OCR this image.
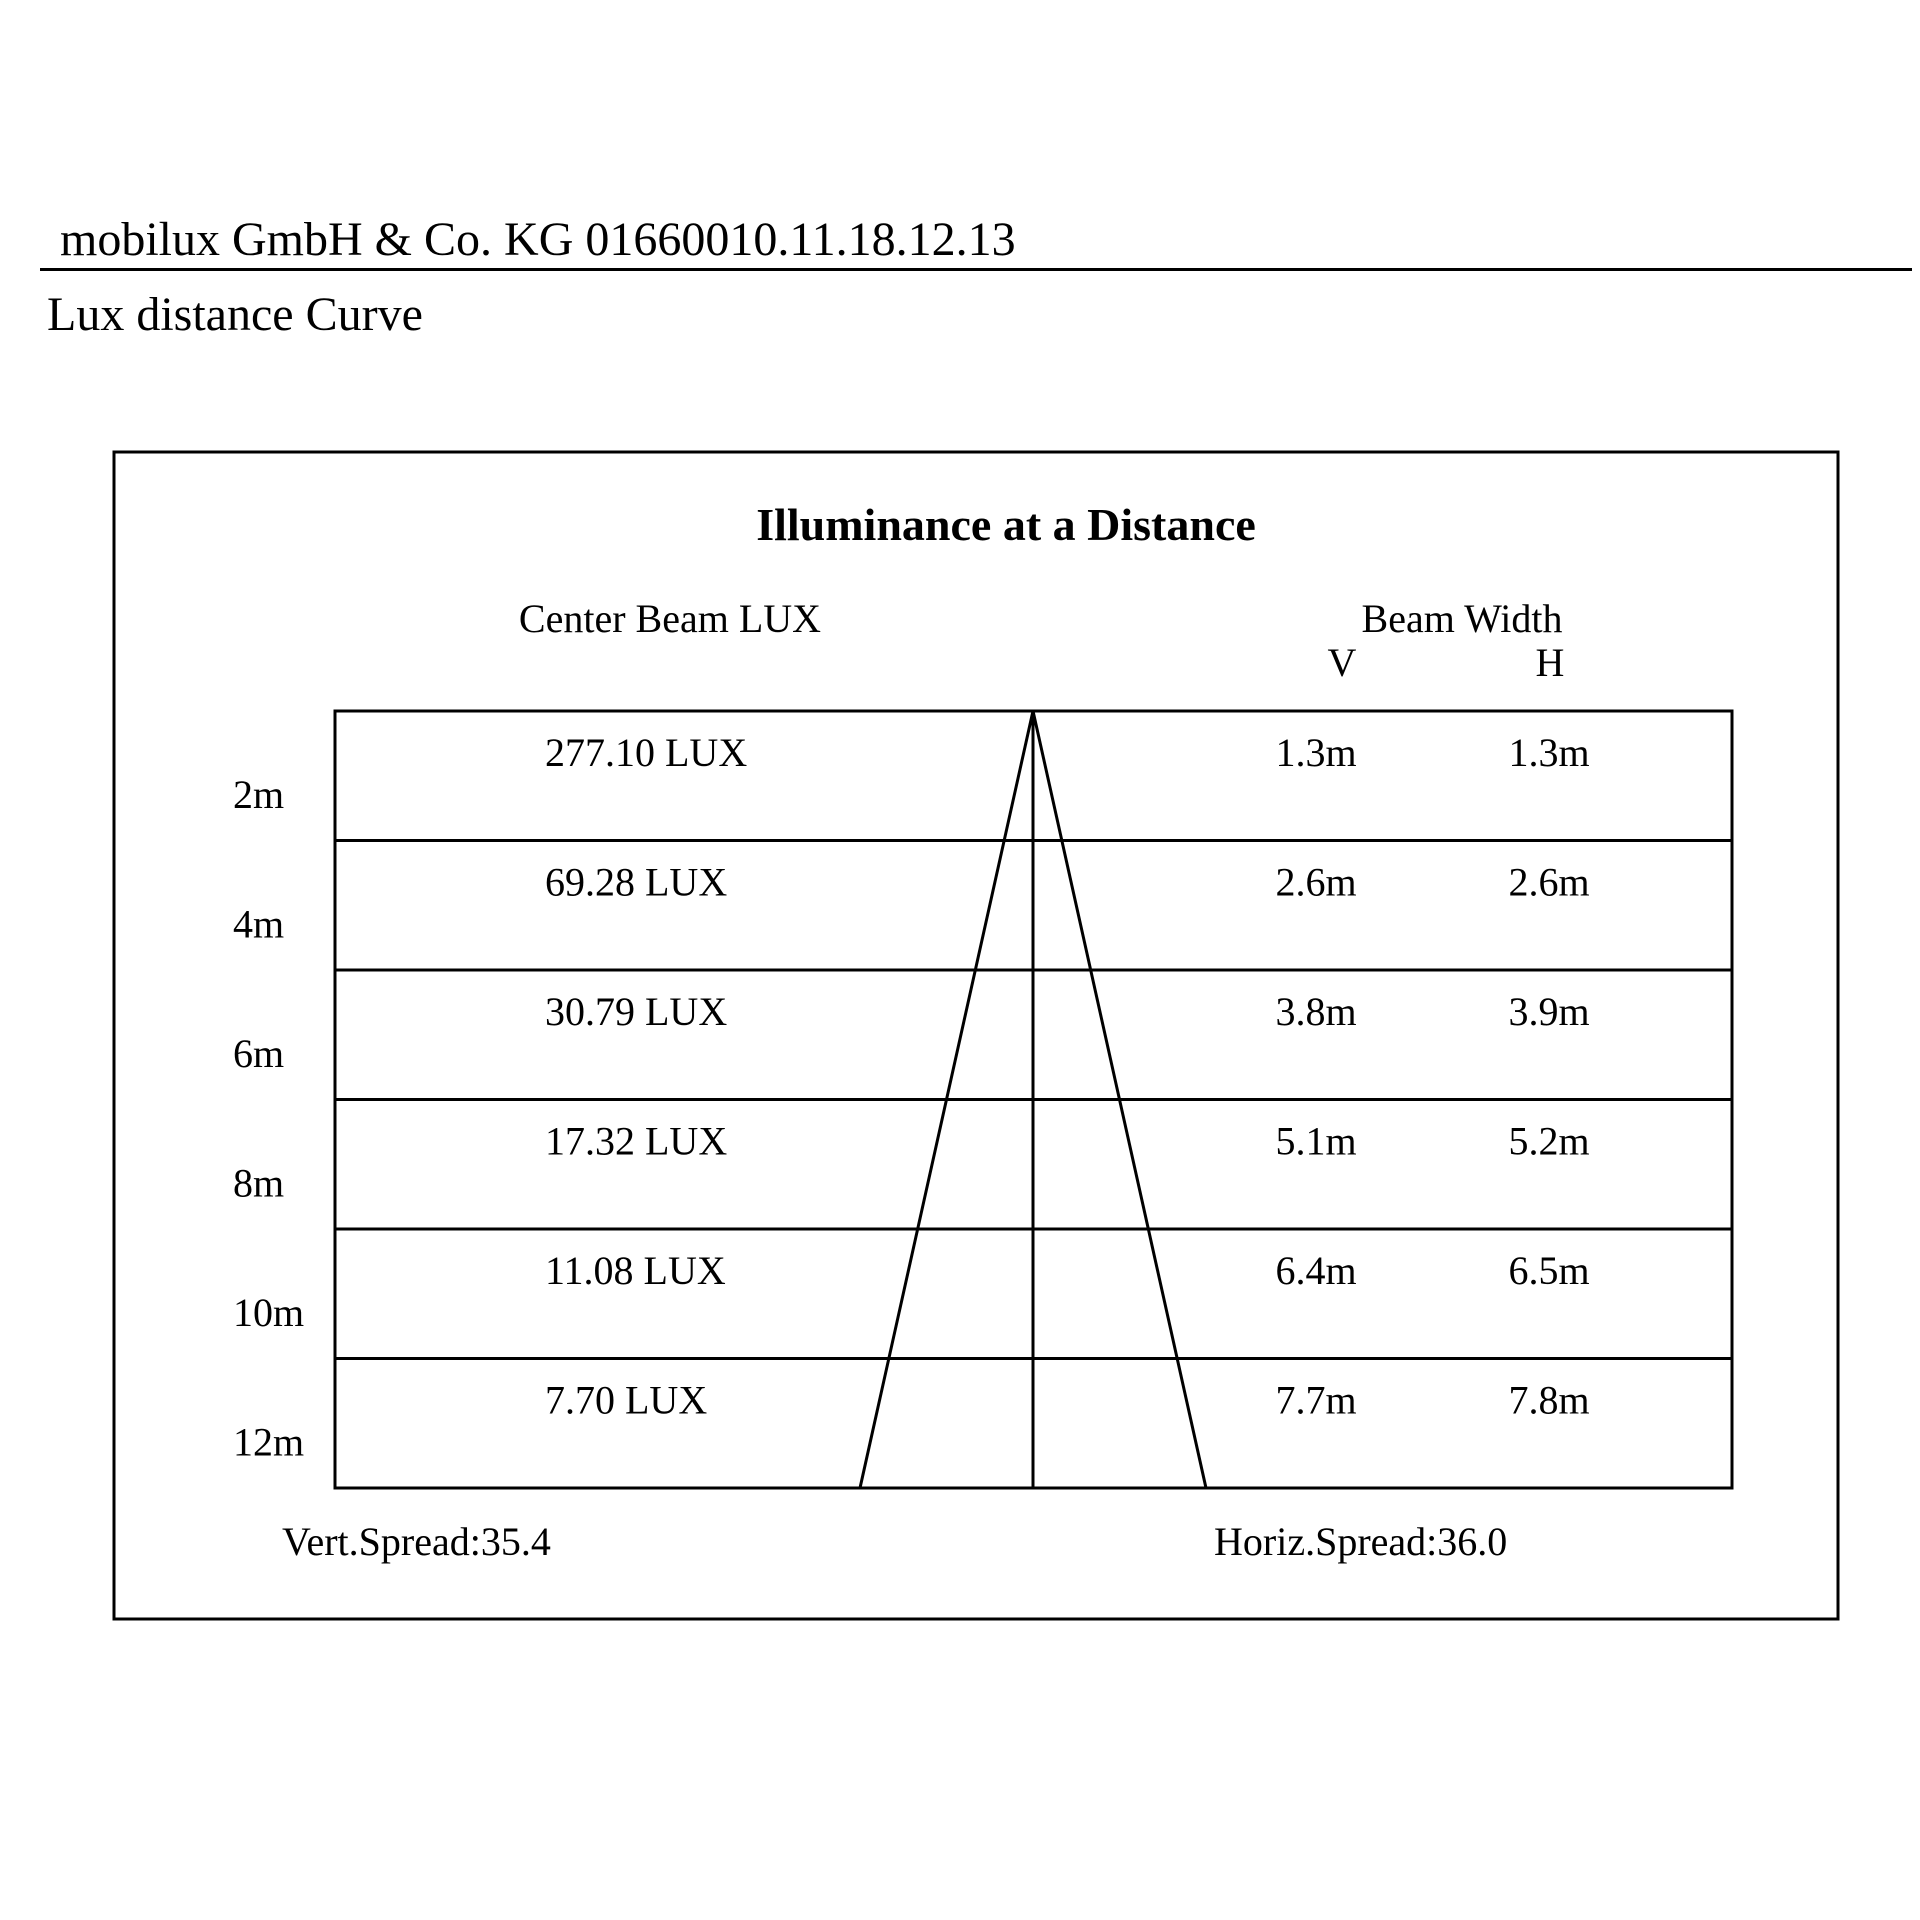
mobilux GmbH & Co. KG 01660010.11.18.12.13
Lux distance Curve
Illuminance at a Distance
Center Beam LUX	Beam Width
V	H
2m
277.10 LUX	1.3m	1.3m
4m
69.28 LUX	2.6m	2.6m
6m
30.79 LUX	3.8m	3.9m
8m
17.32 LUX	5.1m	5.2m
10m
11.08 LUX	6.4m	6.5m
12m
7.70 LUX	7.7m	7.8m
Vert.Spread:35.4	Horiz.Spread:36.0
